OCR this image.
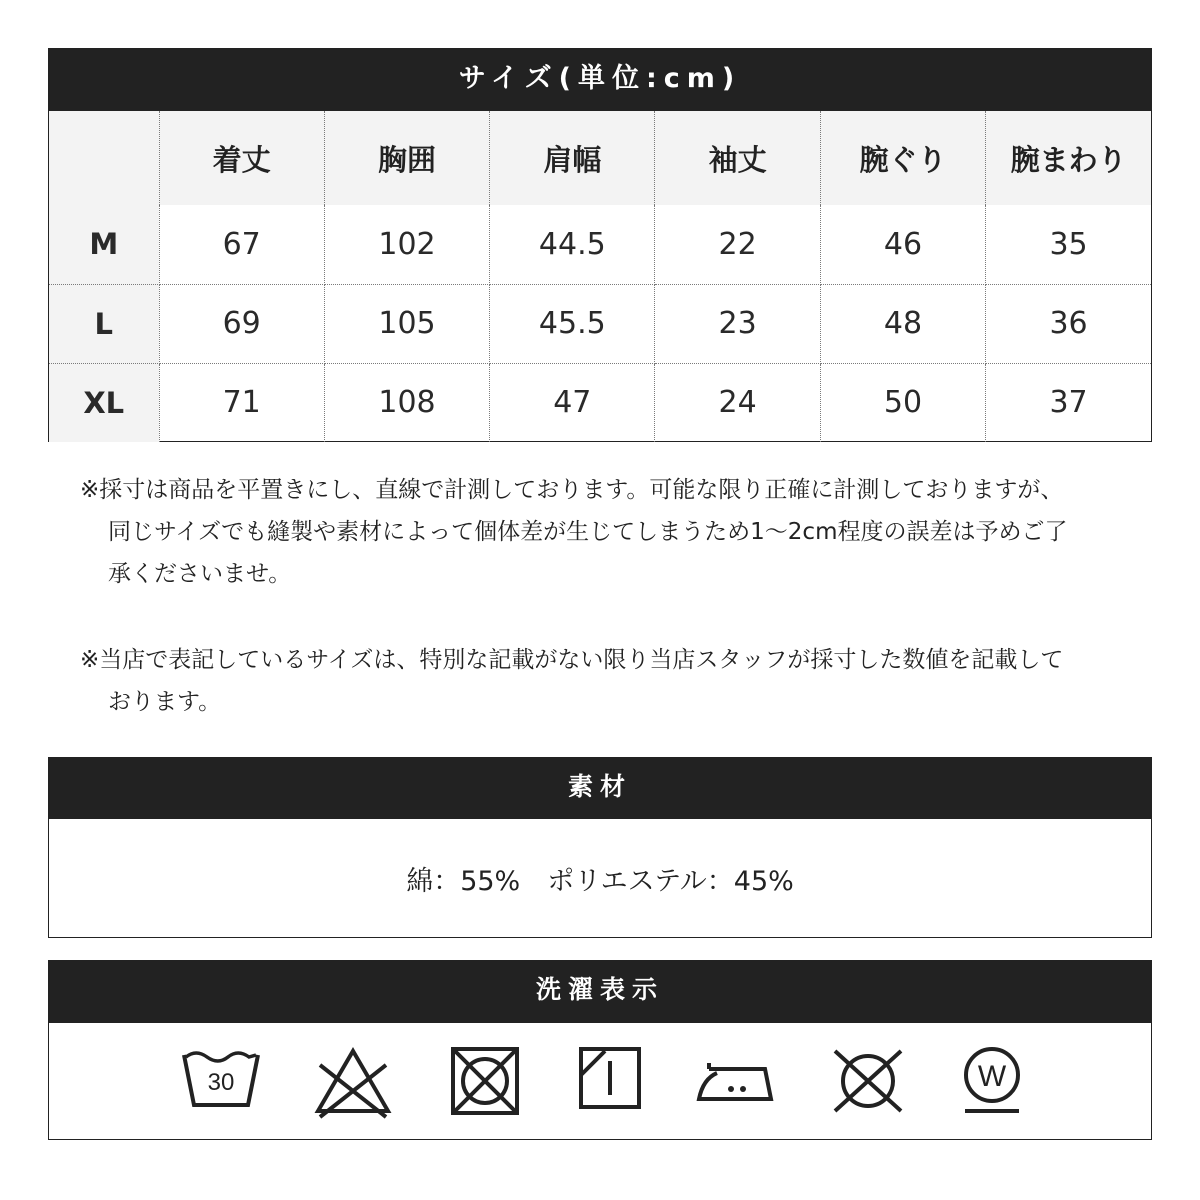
サイズ(単位:cm)
	着丈	胸囲	肩幅	袖丈	腕ぐり	腕まわり
M	67	102	44.5	22	46	35
L	69	105	45.5	23	48	36
XL	71	108	47	24	50	37

※採寸は商品を平置きにし、直線で計測しております。可能な限り正確に計測しておりますが、同じサイズでも縫製や素材によって個体差が生じてしまうため1～2cm程度の誤差は予めご了承くださいませ。

※当店で表記しているサイズは、特別な記載がない限り当店スタッフが採寸した数値を記載しております。

素材
綿：55%　ポリエステル：45%
洗濯表示
30	W
